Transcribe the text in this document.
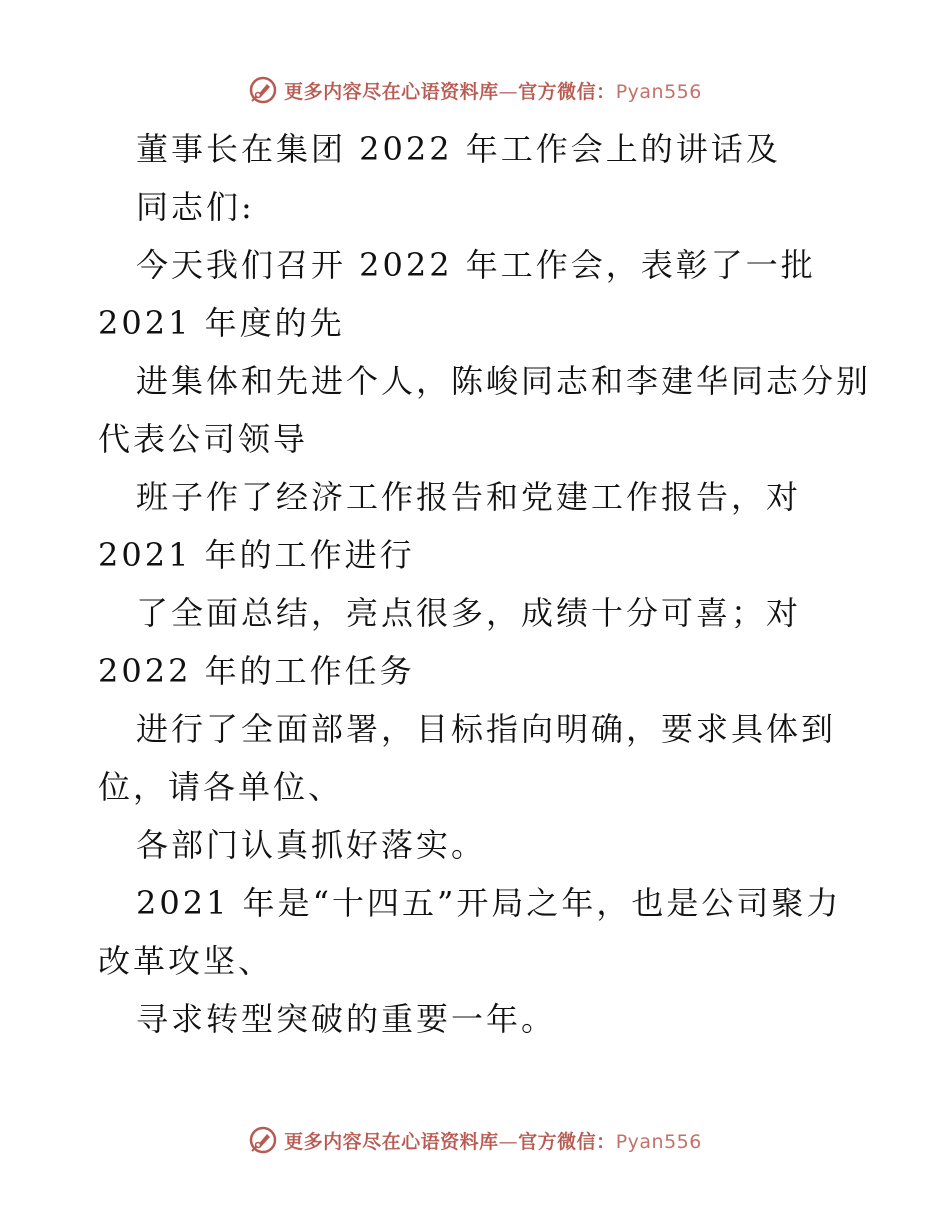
更多内容尽在心语资料库—官方微信：Pyan556
董事长在集团 2022 年工作会上的讲话及
同志们:
今天我们召开 2022 年工作会，表彰了一批
2021 年度的先
进集体和先进个人，陈峻同志和李建华同志分别
代表公司领导
班子作了经济工作报告和党建工作报告，对
2021 年的工作进行
了全面总结，亮点很多，成绩十分可喜；对
2022 年的工作任务
进行了全面部署，目标指向明确，要求具体到
位，请各单位、
各部门认真抓好落实。
2021 年是“十四五”开局之年，也是公司聚力
改革攻坚、
寻求转型突破的重要一年。
更多内容尽在心语资料库—官方微信：Pyan556
